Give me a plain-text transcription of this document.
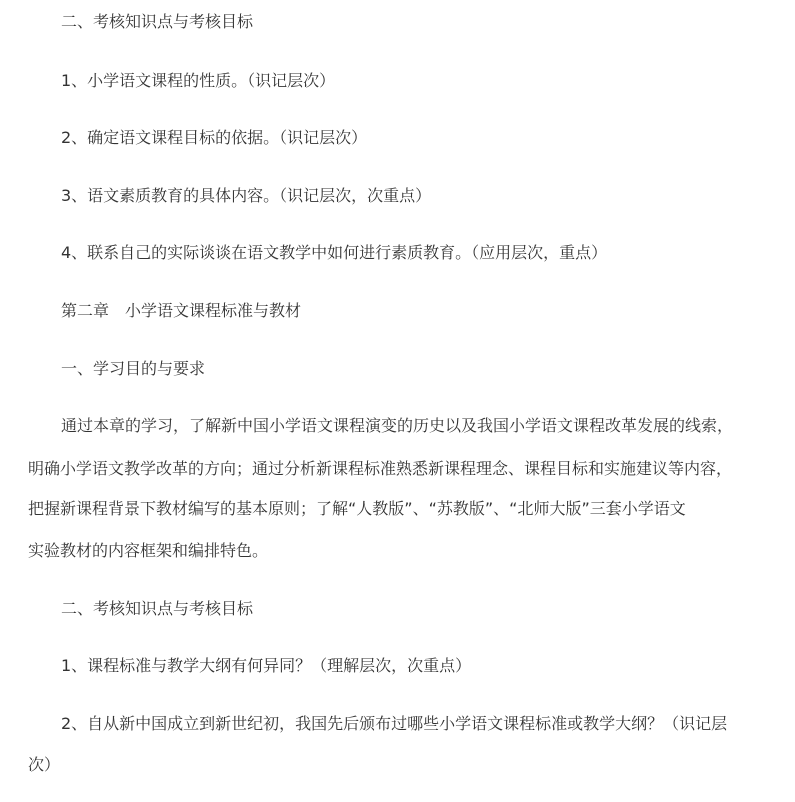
二、考核知识点与考核目标
1、小学语文课程的性质。（识记层次）
2、确定语文课程目标的依据。（识记层次）
3、语文素质教育的具体内容。（识记层次，次重点）
4、联系自己的实际谈谈在语文教学中如何进行素质教育。（应用层次，重点）
第二章　小学语文课程标准与教材
一、学习目的与要求
通过本章的学习，了解新中国小学语文课程演变的历史以及我国小学语文课程改革发展的线索，
明确小学语文教学改革的方向；通过分析新课程标准熟悉新课程理念、课程目标和实施建议等内容，
把握新课程背景下教材编写的基本原则；了解“人教版”、“苏教版”、“北师大版”三套小学语文
实验教材的内容框架和编排特色。
二、考核知识点与考核目标
1、课程标准与教学大纲有何异同？（理解层次，次重点）
2、自从新中国成立到新世纪初，我国先后颁布过哪些小学语文课程标准或教学大纲？（识记层
次）
